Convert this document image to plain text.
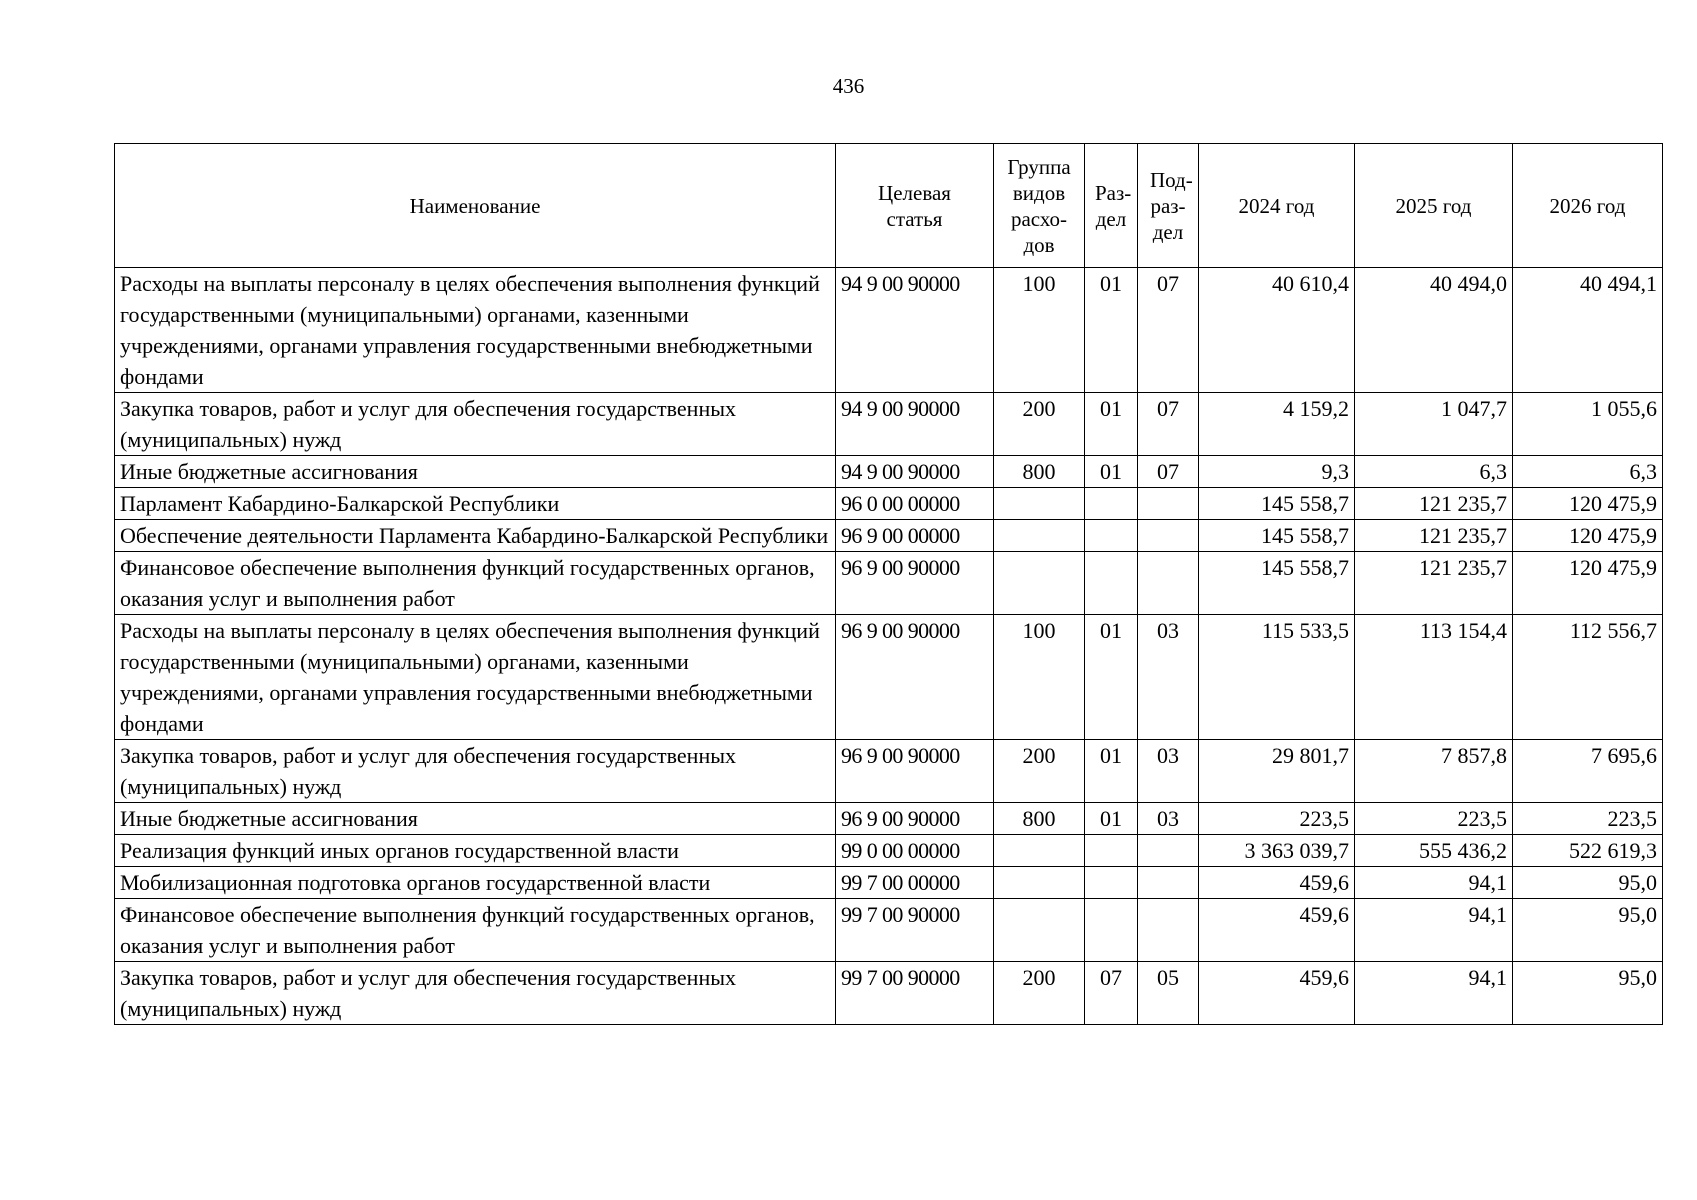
436
Наименование	Целевая статья	Группа видов расхо-дов	Раз-дел	Под-раз-дел	2024 год	2025 год	2026 год
Расходы на выплаты персоналу в целях обеспечения выполнения функций государственными (муниципальными) органами, казенными учреждениями, органами управления государственными внебюджетными фондами	94 9 00 90000	100	01	07	40 610,4	40 494,0	40 494,1
Закупка товаров, работ и услуг для обеспечения государственных (муниципальных) нужд	94 9 00 90000	200	01	07	4 159,2	1 047,7	1 055,6
Иные бюджетные ассигнования	94 9 00 90000	800	01	07	9,3	6,3	6,3
Парламент Кабардино-Балкарской Республики	96 0 00 00000				145 558,7	121 235,7	120 475,9
Обеспечение деятельности Парламента Кабардино-Балкарской Республики	96 9 00 00000				145 558,7	121 235,7	120 475,9
Финансовое обеспечение выполнения функций государственных органов, оказания услуг и выполнения работ	96 9 00 90000				145 558,7	121 235,7	120 475,9
Расходы на выплаты персоналу в целях обеспечения выполнения функций государственными (муниципальными) органами, казенными учреждениями, органами управления государственными внебюджетными фондами	96 9 00 90000	100	01	03	115 533,5	113 154,4	112 556,7
Закупка товаров, работ и услуг для обеспечения государственных (муниципальных) нужд	96 9 00 90000	200	01	03	29 801,7	7 857,8	7 695,6
Иные бюджетные ассигнования	96 9 00 90000	800	01	03	223,5	223,5	223,5
Реализация функций иных органов государственной власти	99 0 00 00000				3 363 039,7	555 436,2	522 619,3
Мобилизационная подготовка органов государственной власти	99 7 00 00000				459,6	94,1	95,0
Финансовое обеспечение выполнения функций государственных органов, оказания услуг и выполнения работ	99 7 00 90000				459,6	94,1	95,0
Закупка товаров, работ и услуг для обеспечения государственных (муниципальных) нужд	99 7 00 90000	200	07	05	459,6	94,1	95,0
